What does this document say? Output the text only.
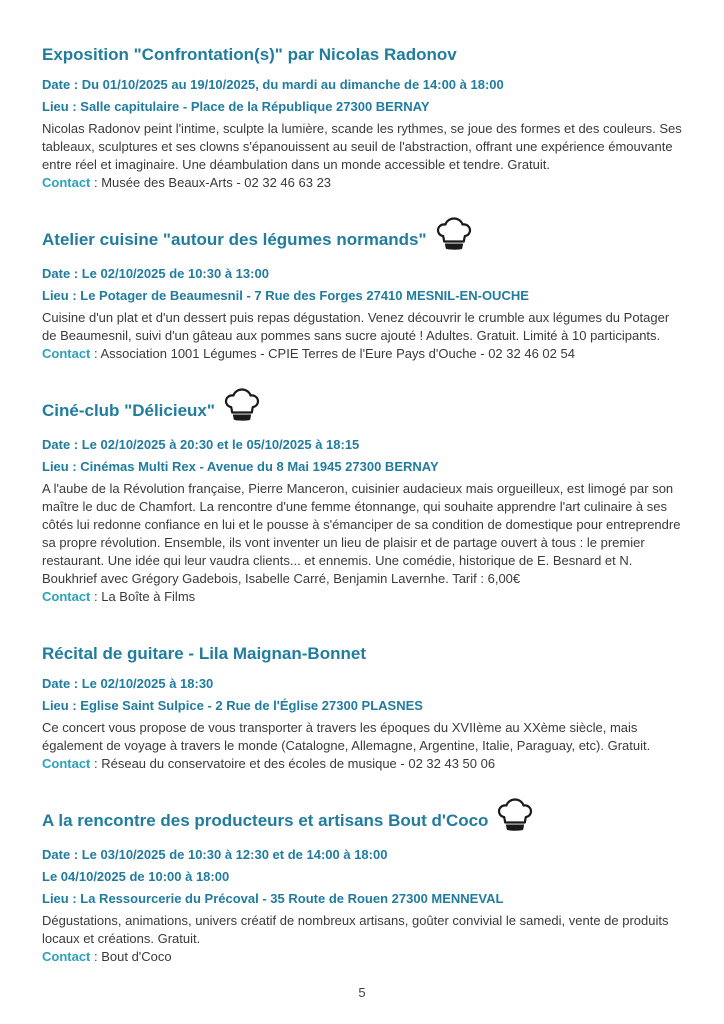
Exposition "Confrontation(s)" par Nicolas Radonov

Date : Du 01/10/2025 au 19/10/2025, du mardi au dimanche de 14:00 à 18:00

Lieu : Salle capitulaire - Place de la République 27300 BERNAY

Nicolas Radonov peint l'intime, sculpte la lumière, scande les rythmes, se joue des formes et des couleurs. Ses tableaux, sculptures et ses clowns s'épanouissent au seuil de l'abstraction, offrant une expérience émouvante entre réel et imaginaire. Une déambulation dans un monde accessible et tendre. Gratuit.

Contact : Musée des Beaux-Arts - 02 32 46 63 23

Atelier cuisine "autour des légumes normands"

Date : Le 02/10/2025 de 10:30 à 13:00

Lieu : Le Potager de Beaumesnil - 7 Rue des Forges 27410 MESNIL-EN-OUCHE

Cuisine d'un plat et d'un dessert puis repas dégustation. Venez découvrir le crumble aux légumes du Potager de Beaumesnil, suivi d'un gâteau aux pommes sans sucre ajouté ! Adultes. Gratuit. Limité à 10 participants.

Contact : Association 1001 Légumes - CPIE Terres de l'Eure Pays d'Ouche - 02 32 46 02 54

Ciné-club "Délicieux"

Date : Le 02/10/2025 à 20:30 et le 05/10/2025 à 18:15

Lieu : Cinémas Multi Rex - Avenue du 8 Mai 1945 27300 BERNAY

A l'aube de la Révolution française, Pierre Manceron, cuisinier audacieux mais orgueilleux, est limogé par son maître le duc de Chamfort. La rencontre d'une femme étonnange, qui souhaite apprendre l'art culinaire à ses côtés lui redonne confiance en lui et le pousse à s'émanciper de sa condition de domestique pour entreprendre sa propre révolution. Ensemble, ils vont inventer un lieu de plaisir et de partage ouvert à tous : le premier restaurant. Une idée qui leur vaudra clients... et ennemis. Une comédie, historique de E. Besnard et N. Boukhrief avec Grégory Gadebois, Isabelle Carré, Benjamin Lavernhe. Tarif : 6,00€

Contact : La Boîte à Films

Récital de guitare - Lila Maignan-Bonnet

Date : Le 02/10/2025 à 18:30

Lieu : Eglise Saint Sulpice - 2 Rue de l'Église 27300 PLASNES

Ce concert vous propose de vous transporter à travers les époques du XVIIème au XXème siècle, mais également de voyage à travers le monde (Catalogne, Allemagne, Argentine, Italie, Paraguay, etc). Gratuit.

Contact : Réseau du conservatoire et des écoles de musique - 02 32 43 50 06

A la rencontre des producteurs et artisans Bout d'Coco

Date : Le 03/10/2025 de 10:30 à 12:30 et de 14:00 à 18:00

Le 04/10/2025 de 10:00 à 18:00

Lieu : La Ressourcerie du Précoval - 35 Route de Rouen 27300 MENNEVAL

Dégustations, animations, univers créatif de nombreux artisans, goûter convivial le samedi, vente de produits locaux et créations. Gratuit.

Contact : Bout d'Coco

5
